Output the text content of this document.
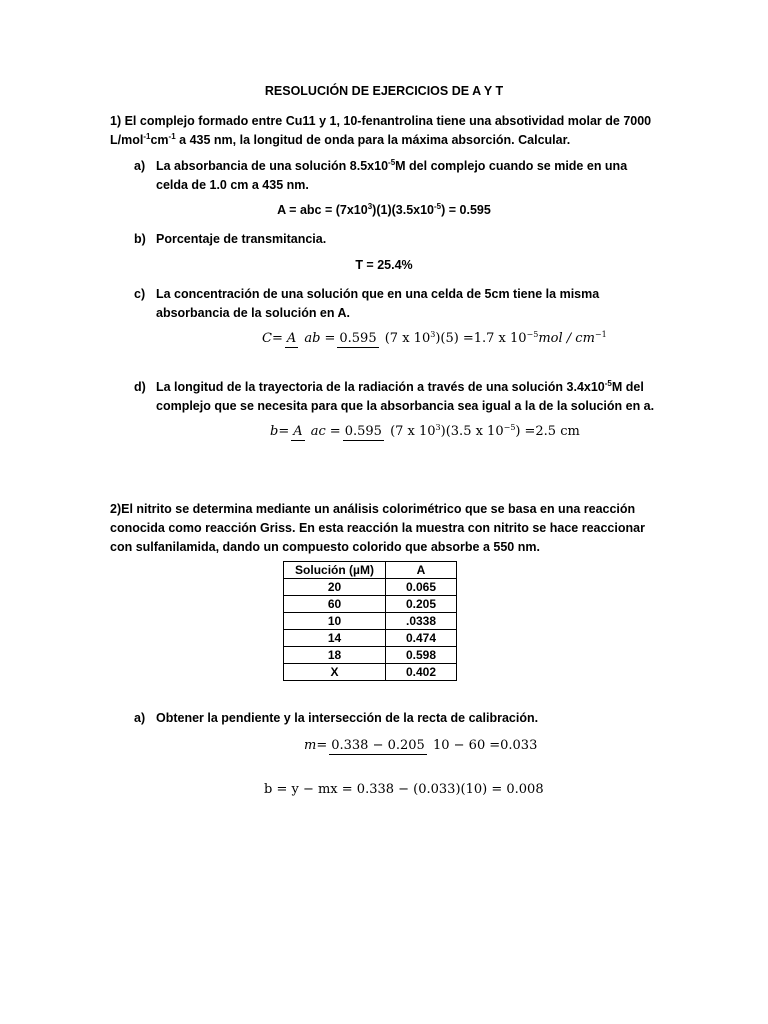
RESOLUCIÓN DE EJERCICIOS DE A Y T
1) El complejo formado entre Cu11 y 1, 10-fenantrolina tiene una absotividad molar de 7000
$L/mol^{-1}cm^{-1}$ a 435 nm, la longitud de onda para la máxima absorción. Calcular.
a) La absorbancia de una solución $8.5x10^{-5}M$ del complejo cuando se mide en una celda de 1.0 cm a 435 nm.
A = abc = $(7x10^3)(1)(3.5x10^{-5}) = 0.595$
b) Porcentaje de transmitancia.
T = 25.4%
c) La concentración de una solución que en una celda de 5cm tiene la misma absorbancia de la solución en A.
C = A ab = 0.595 (7 x $10^3)(5) = 1.7$ x $10^{-5}mol / cm^{-1}$
d) La longitud de la trayectoria de la radiación a través de una solución $3.4x10^{-5}M$ del complejo que se necesita para que la absorbancia sea igual a la de la solución en a.
b = A ac = 0.595 (7 x $10^3)(3.5$ x $10^{-5}) = 2.5$ cm
2)El nitrito se determina mediante un análisis colorimétrico que se basa en una reacción conocida como reacción Griss. En esta reacción la muestra con nitrito se hace reaccionar con sulfanilamida, dando un compuesto colorido que absorbe a 550 nm.
Solución (µM)	A
20	0.065
60	0.205
10	.0338
14	0.474
18	0.598
X	0.402
a) Obtener la pendiente y la intersección de la recta de calibración.
m = 0.338 − 0.205 10 − 60 = 0.033
b = y − mx = 0.338 − (0.033)(10) = 0.008
